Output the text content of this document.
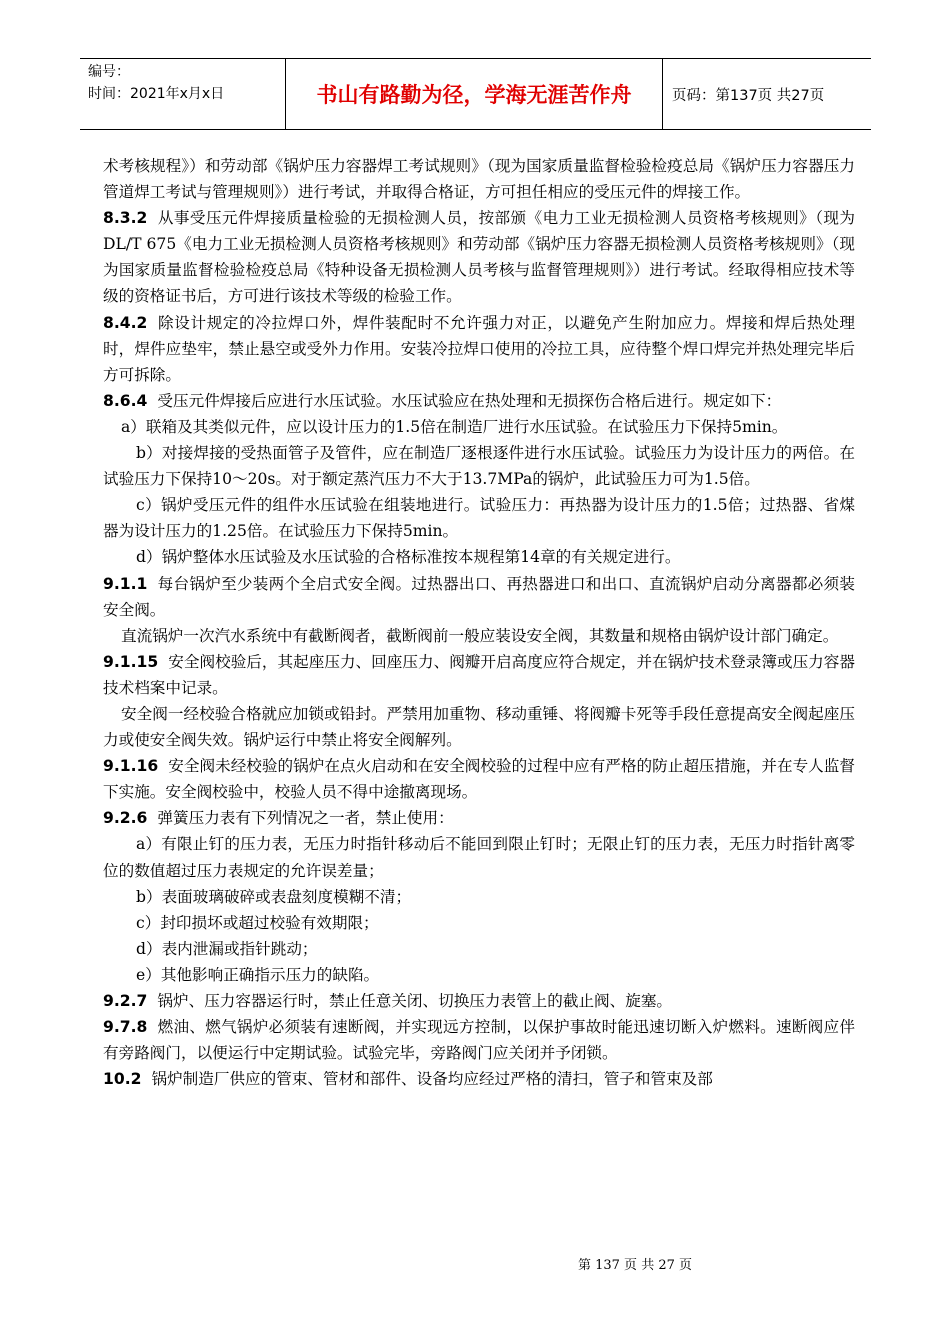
编号：
时间：2021年x月x日	书山有路勤为径，学海无涯苦作舟	页码：第137页 共27页

术考核规程》）和劳动部《锅炉压力容器焊工考试规则》（现为国家质量监督检验检疫总局《锅炉压力容器压力管道焊工考试与管理规则》）进行考试，并取得合格证，方可担任相应的受压元件的焊接工作。

8.3.2 从事受压元件焊接质量检验的无损检测人员，按部颁《电力工业无损检测人员资格考核规则》（现为DL/T 675《电力工业无损检测人员资格考核规则》和劳动部《锅炉压力容器无损检测人员资格考核规则》（现为国家质量监督检验检疫总局《特种设备无损检测人员考核与监督管理规则》）进行考试。经取得相应技术等级的资格证书后，方可进行该技术等级的检验工作。

8.4.2 除设计规定的冷拉焊口外，焊件装配时不允许强力对正，以避免产生附加应力。焊接和焊后热处理时，焊件应垫牢，禁止悬空或受外力作用。安装冷拉焊口使用的冷拉工具，应待整个焊口焊完并热处理完毕后方可拆除。

8.6.4 受压元件焊接后应进行水压试验。水压试验应在热处理和无损探伤合格后进行。规定如下：

a）联箱及其类似元件，应以设计压力的1.5倍在制造厂进行水压试验。在试验压力下保持5min。

b）对接焊接的受热面管子及管件，应在制造厂逐根逐件进行水压试验。试验压力为设计压力的两倍。在试验压力下保持10～20s。对于额定蒸汽压力不大于13.7MPa的锅炉，此试验压力可为1.5倍。

c）锅炉受压元件的组件水压试验在组装地进行。试验压力：再热器为设计压力的1.5倍；过热器、省煤器为设计压力的1.25倍。在试验压力下保持5min。

d）锅炉整体水压试验及水压试验的合格标准按本规程第14章的有关规定进行。

9.1.1 每台锅炉至少装两个全启式安全阀。过热器出口、再热器进口和出口、直流锅炉启动分离器都必须装安全阀。

直流锅炉一次汽水系统中有截断阀者，截断阀前一般应装设安全阀，其数量和规格由锅炉设计部门确定。

9.1.15 安全阀校验后，其起座压力、回座压力、阀瓣开启高度应符合规定，并在锅炉技术登录簿或压力容器技术档案中记录。

安全阀一经校验合格就应加锁或铅封。严禁用加重物、移动重锤、将阀瓣卡死等手段任意提高安全阀起座压力或使安全阀失效。锅炉运行中禁止将安全阀解列。

9.1.16 安全阀未经校验的锅炉在点火启动和在安全阀校验的过程中应有严格的防止超压措施，并在专人监督下实施。安全阀校验中，校验人员不得中途撤离现场。

9.2.6 弹簧压力表有下列情况之一者，禁止使用：

a）有限止钉的压力表，无压力时指针移动后不能回到限止钉时；无限止钉的压力表，无压力时指针离零位的数值超过压力表规定的允许误差量；

b）表面玻璃破碎或表盘刻度模糊不清；

c）封印损坏或超过校验有效期限；

d）表内泄漏或指针跳动；

e）其他影响正确指示压力的缺陷。

9.2.7 锅炉、压力容器运行时，禁止任意关闭、切换压力表管上的截止阀、旋塞。

9.7.8 燃油、燃气锅炉必须装有速断阀，并实现远方控制，以保护事故时能迅速切断入炉燃料。速断阀应伴有旁路阀门，以便运行中定期试验。试验完毕，旁路阀门应关闭并予闭锁。

10.2 锅炉制造厂供应的管束、管材和部件、设备均应经过严格的清扫，管子和管束及部

第 137 页 共 27 页
